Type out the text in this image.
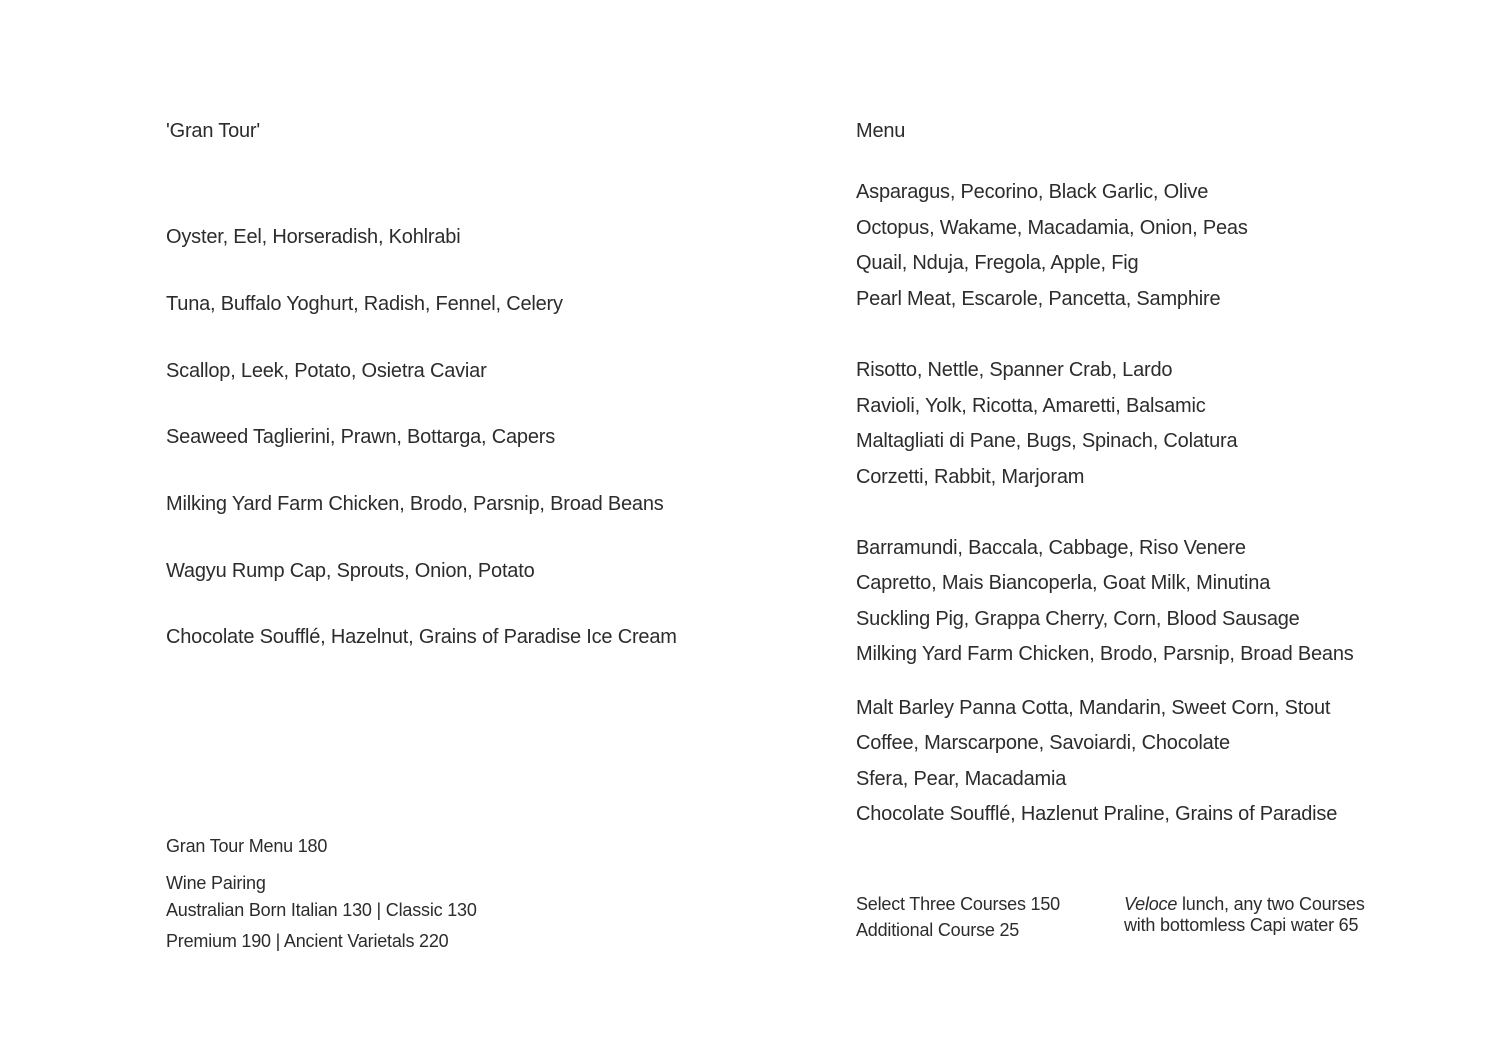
'Gran Tour'
Oyster, Eel, Horseradish, Kohlrabi
Tuna, Buffalo Yoghurt, Radish, Fennel, Celery
Scallop, Leek, Potato, Osietra Caviar
Seaweed Taglierini, Prawn, Bottarga, Capers
Milking Yard Farm Chicken, Brodo, Parsnip, Broad Beans
Wagyu Rump Cap, Sprouts, Onion, Potato
Chocolate Soufflé, Hazelnut, Grains of Paradise Ice Cream
Gran Tour Menu 180
Wine Pairing
Australian Born Italian 130 | Classic 130
Premium 190 | Ancient Varietals 220
Menu
Asparagus, Pecorino, Black Garlic, Olive
Octopus, Wakame, Macadamia, Onion, Peas
Quail, Nduja, Fregola, Apple, Fig
Pearl Meat, Escarole, Pancetta, Samphire
Risotto, Nettle, Spanner Crab, Lardo
Ravioli, Yolk, Ricotta, Amaretti, Balsamic
Maltagliati di Pane, Bugs, Spinach, Colatura
Corzetti, Rabbit, Marjoram
Barramundi, Baccala, Cabbage, Riso Venere
Capretto, Mais Biancoperla, Goat Milk, Minutina
Suckling Pig, Grappa Cherry, Corn, Blood Sausage
Milking Yard Farm Chicken, Brodo, Parsnip, Broad Beans
Malt Barley Panna Cotta, Mandarin, Sweet Corn, Stout
Coffee, Marscarpone, Savoiardi, Chocolate
Sfera, Pear, Macadamia
Chocolate Soufflé, Hazlenut Praline, Grains of Paradise
Select Three Courses 150
Additional Course 25
Veloce lunch, any two Courses
with bottomless Capi water 65
